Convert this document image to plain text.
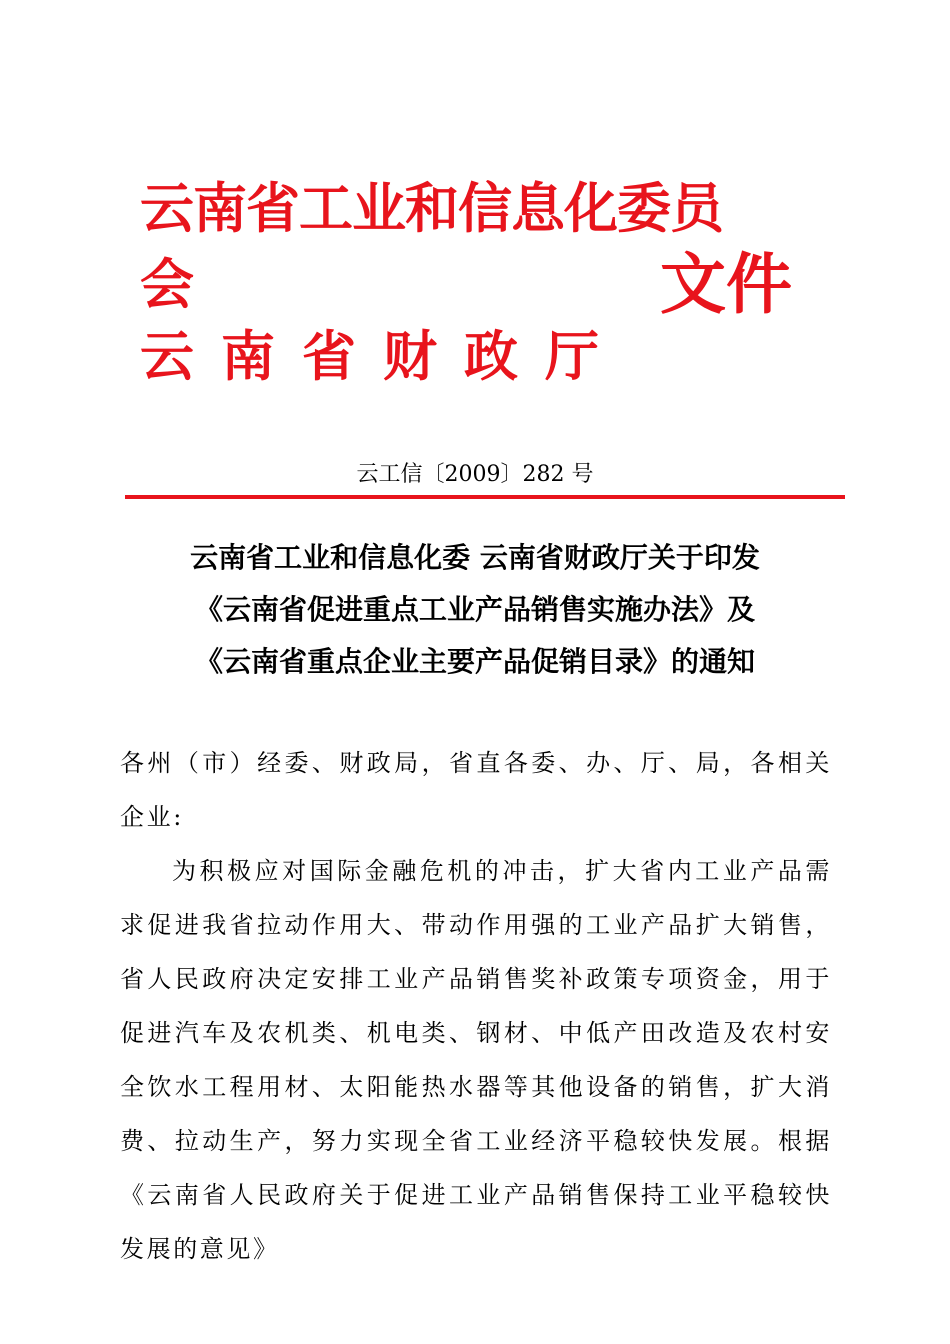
云南省工业和信息化委员
会
云南省财政厅
文件
云工信〔2009〕282 号
云南省工业和信息化委 云南省财政厅关于印发
《云南省促进重点工业产品销售实施办法》及
《云南省重点企业主要产品促销目录》的通知

各州（市）经委、财政局，省直各委、办、厅、局，各相关企业:

为积极应对国际金融危机的冲击，扩大省内工业产品需求促进我省拉动作用大、带动作用强的工业产品扩大销售，省人民政府决定安排工业产品销售奖补政策专项资金，用于促进汽车及农机类、机电类、钢材、中低产田改造及农村安全饮水工程用材、太阳能热水器等其他设备的销售，扩大消费、拉动生产，努力实现全省工业经济平稳较快发展。根据《云南省人民政府关于促进工业产品销售保持工业平稳较快发展的意见》
